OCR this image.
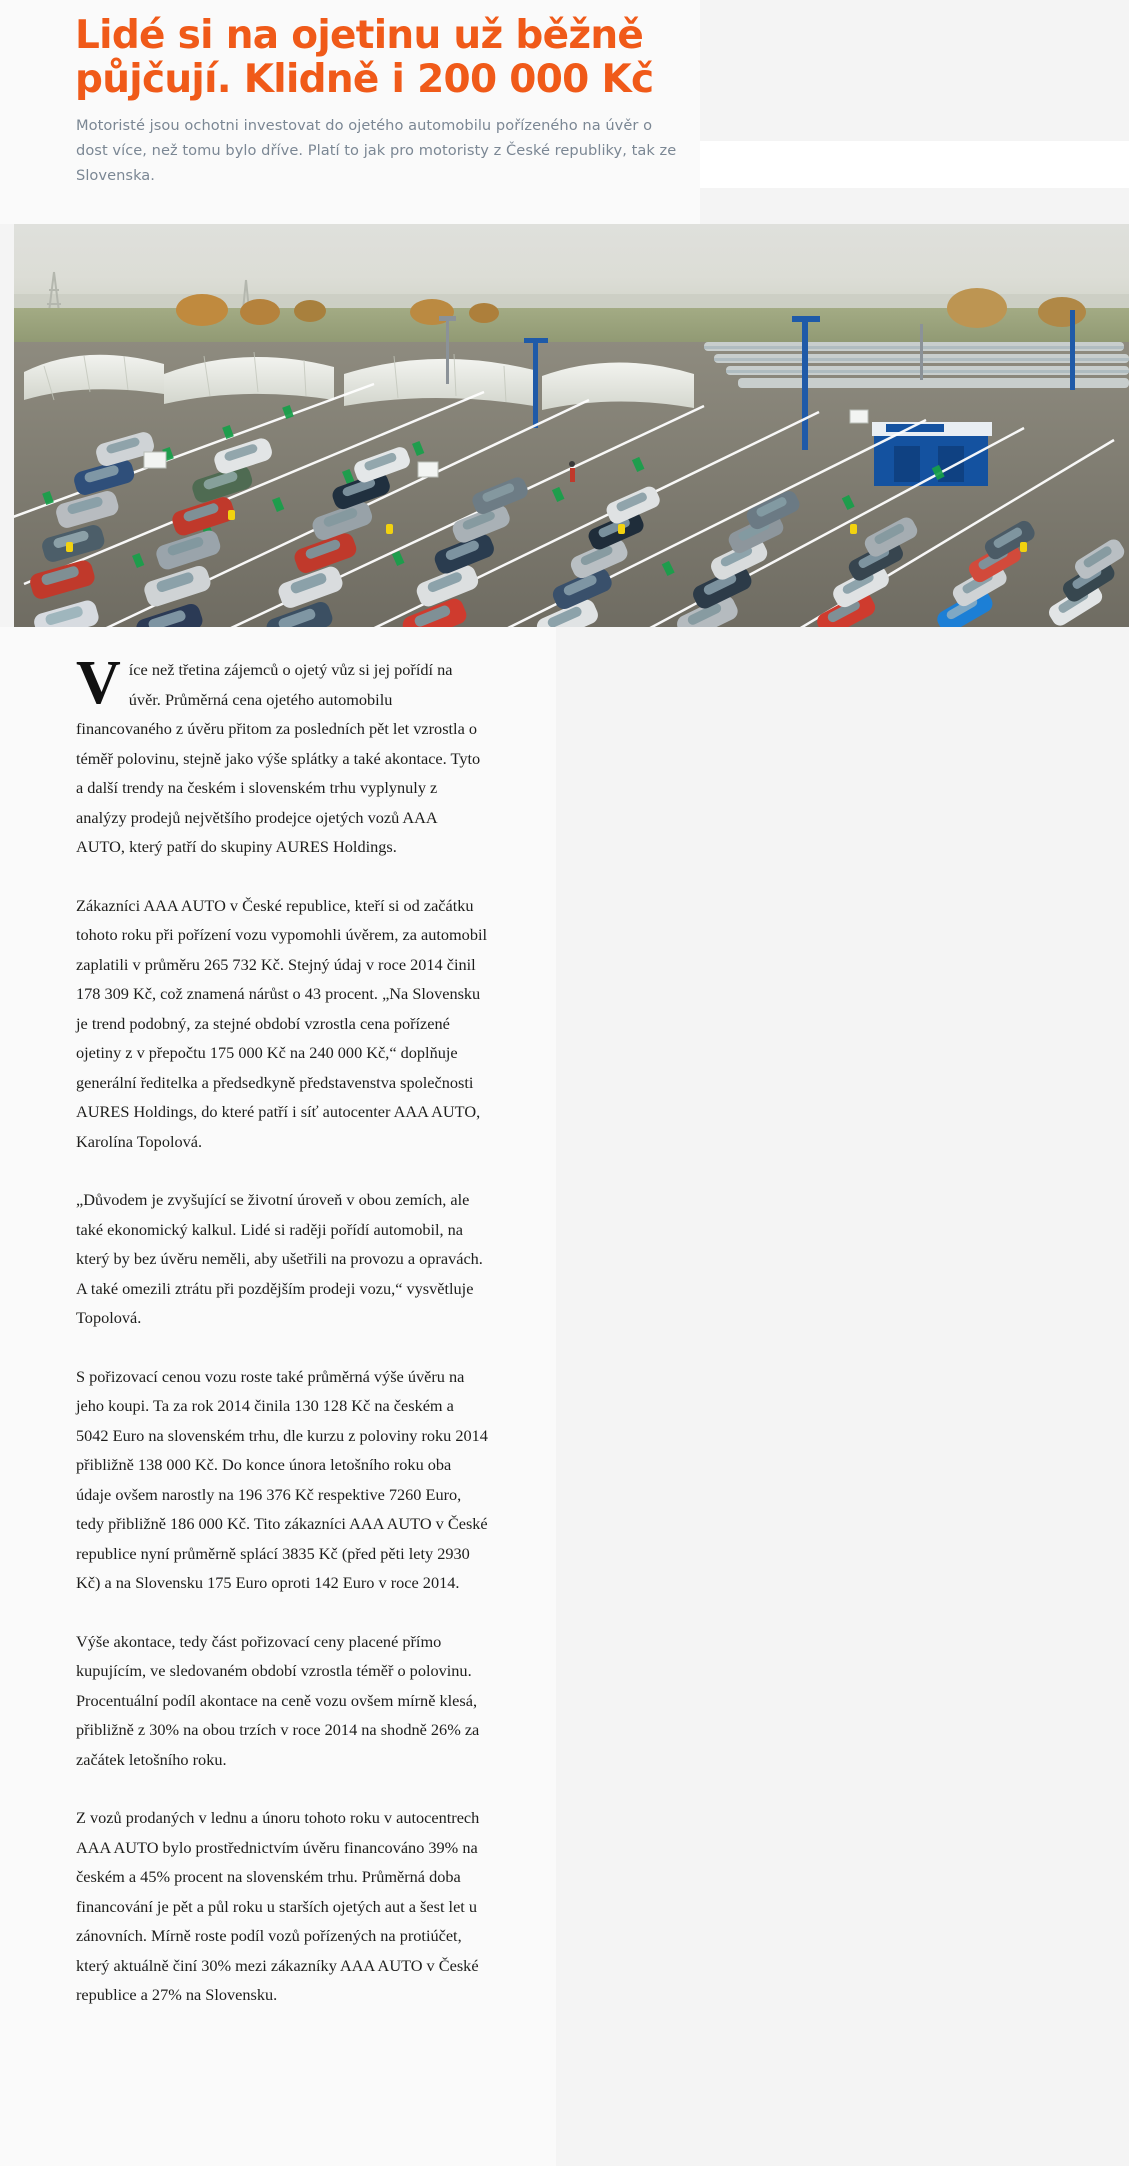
Lidé si na ojetinu už běžně půjčují. Klidně i 200 000 Kč

Motoristé jsou ochotni investovat do ojetého automobilu pořízeného na úvěr o dost více, než tomu bylo dříve. Platí to jak pro motoristy z České republiky, tak ze Slovenska.

Více než třetina zájemců o ojetý vůz si jej pořídí na úvěr. Průměrná cena ojetého automobilu financovaného z úvěru přitom za posledních pět let vzrostla o téměř polovinu, stejně jako výše splátky a také akontace. Tyto a další trendy na českém i slovenském trhu vyplynuly z analýzy prodejů největšího prodejce ojetých vozů AAA AUTO, který patří do skupiny AURES Holdings.

Zákazníci AAA AUTO v České republice, kteří si od začátku tohoto roku při pořízení vozu vypomohli úvěrem, za automobil zaplatili v průměru 265 732 Kč. Stejný údaj v roce 2014 činil 178 309 Kč, což znamená nárůst o 43 procent. „Na Slovensku je trend podobný, za stejné období vzrostla cena pořízené ojetiny z v přepočtu 175 000 Kč na 240 000 Kč,“ doplňuje generální ředitelka a předsedkyně představenstva společnosti AURES Holdings, do které patří i síť autocenter AAA AUTO, Karolína Topolová.

„Důvodem je zvyšující se životní úroveň v obou zemích, ale také ekonomický kalkul. Lidé si raději pořídí automobil, na který by bez úvěru neměli, aby ušetřili na provozu a opravách. A také omezili ztrátu při pozdějším prodeji vozu,“ vysvětluje Topolová.

S pořizovací cenou vozu roste také průměrná výše úvěru na jeho koupi. Ta za rok 2014 činila 130 128 Kč na českém a 5042 Euro na slovenském trhu, dle kurzu z poloviny roku 2014 přibližně 138 000 Kč. Do konce února letošního roku oba údaje ovšem narostly na 196 376 Kč respektive 7260 Euro, tedy přibližně 186 000 Kč. Tito zákazníci AAA AUTO v České republice nyní průměrně splácí 3835 Kč (před pěti lety 2930 Kč) a na Slovensku 175 Euro oproti 142 Euro v roce 2014.

Výše akontace, tedy část pořizovací ceny placené přímo kupujícím, ve sledovaném období vzrostla téměř o polovinu. Procentuální podíl akontace na ceně vozu ovšem mírně klesá, přibližně z 30% na obou trzích v roce 2014 na shodně 26% za začátek letošního roku.

Z vozů prodaných v lednu a únoru tohoto roku v autocentrech AAA AUTO bylo prostřednictvím úvěru financováno 39% na českém a 45% procent na slovenském trhu. Průměrná doba financování je pět a půl roku u starších ojetých aut a šest let u zánovních. Mírně roste podíl vozů pořízených na protiúčet, který aktuálně činí 30% mezi zákazníky AAA AUTO v České republice a 27% na Slovensku.
